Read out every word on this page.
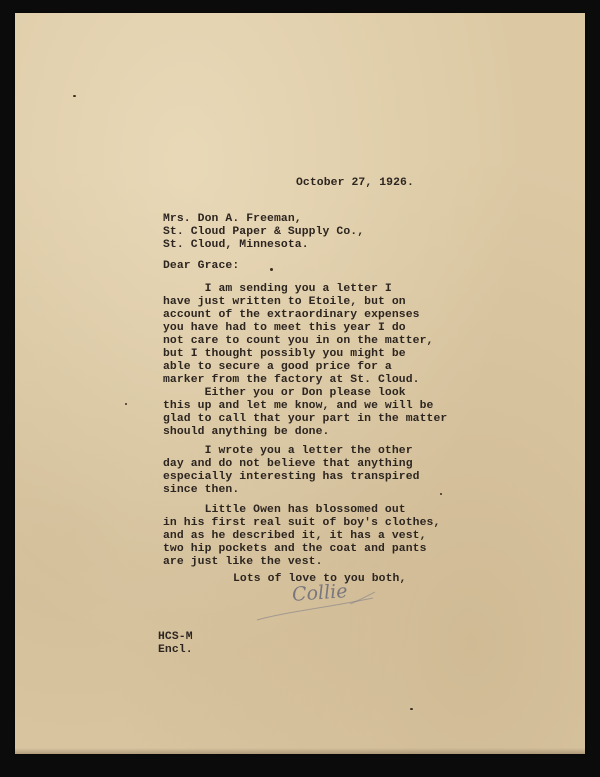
October 27, 1926.

Mrs. Don A. Freeman,

St. Cloud Paper & Supply Co.,

St. Cloud, Minnesota.

Dear Grace:

I am sending you a letter I

have just written to Etoile, but on

account of the extraordinary expenses

you have had to meet this year I do

not care to count you in on the matter,

but I thought possibly you might be

able to secure a good price for a

marker from the factory at St. Cloud.

Either you or Don please look

this up and let me know, and we will be

glad to call that your part in the matter

should anything be done.

I wrote you a letter the other

day and do not believe that anything

especially interesting has transpired

since then.

Little Owen has blossomed out

in his first real suit of boy's clothes,

and as he described it, it has a vest,

two hip pockets and the coat and pants

are just like the vest.

Lots of love to you both,

Collie

HCS-M

Encl.
